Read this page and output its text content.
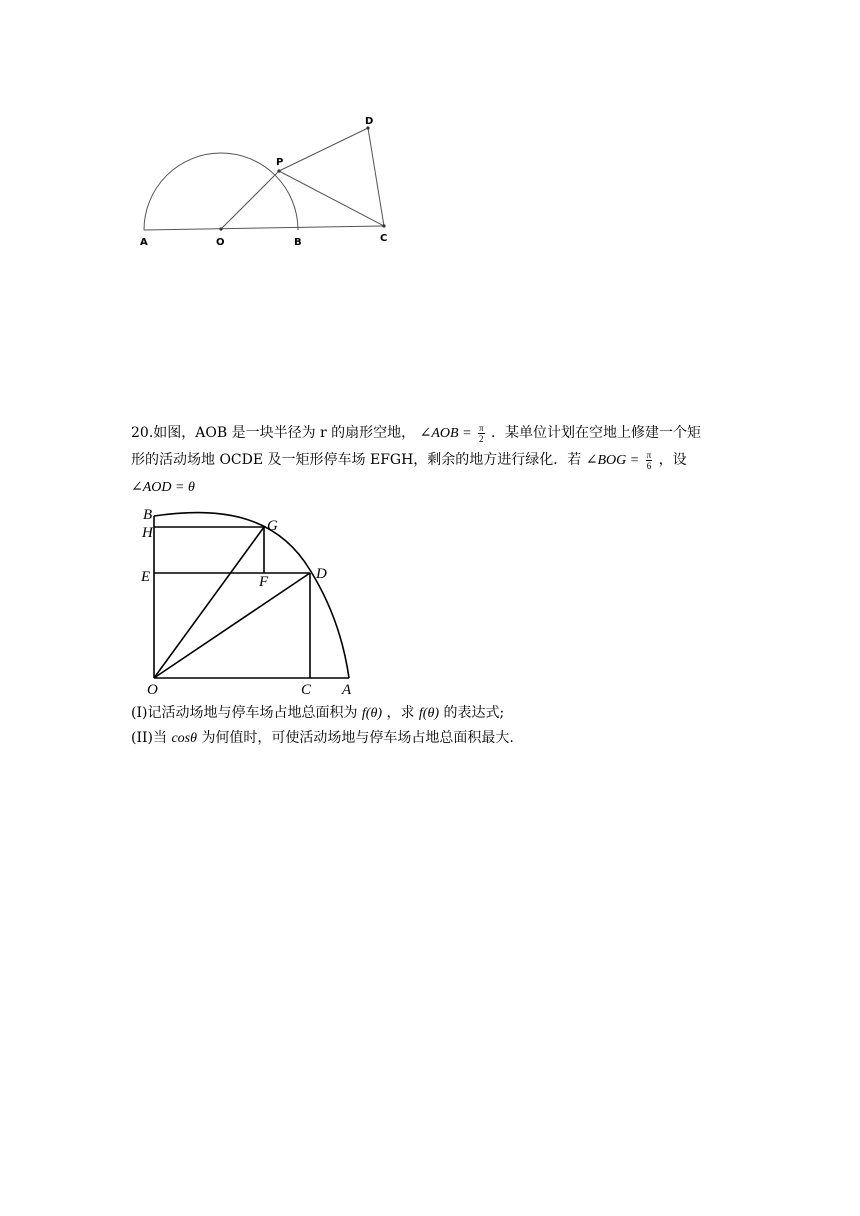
A	O	B	C
P
D
20.如图，AOB 是一块半径为 r 的扇形空地， ∠AOB = $\frac{\pi}{2}$ ．某单位计划在空地上修建一个矩
形的活动场地 OCDE 及一矩形停车场 EFGH，剩余的地方进行绿化．若 ∠BOG = $\frac{\pi}{6}$ ，设
∠AOD = θ
B
H
E
O
G
F	D
C A
(I)记活动场地与停车场占地总面积为 f(θ) ，求 f(θ) 的表达式;
(II)当 cosθ 为何值时，可使活动场地与停车场占地总面积最大.
